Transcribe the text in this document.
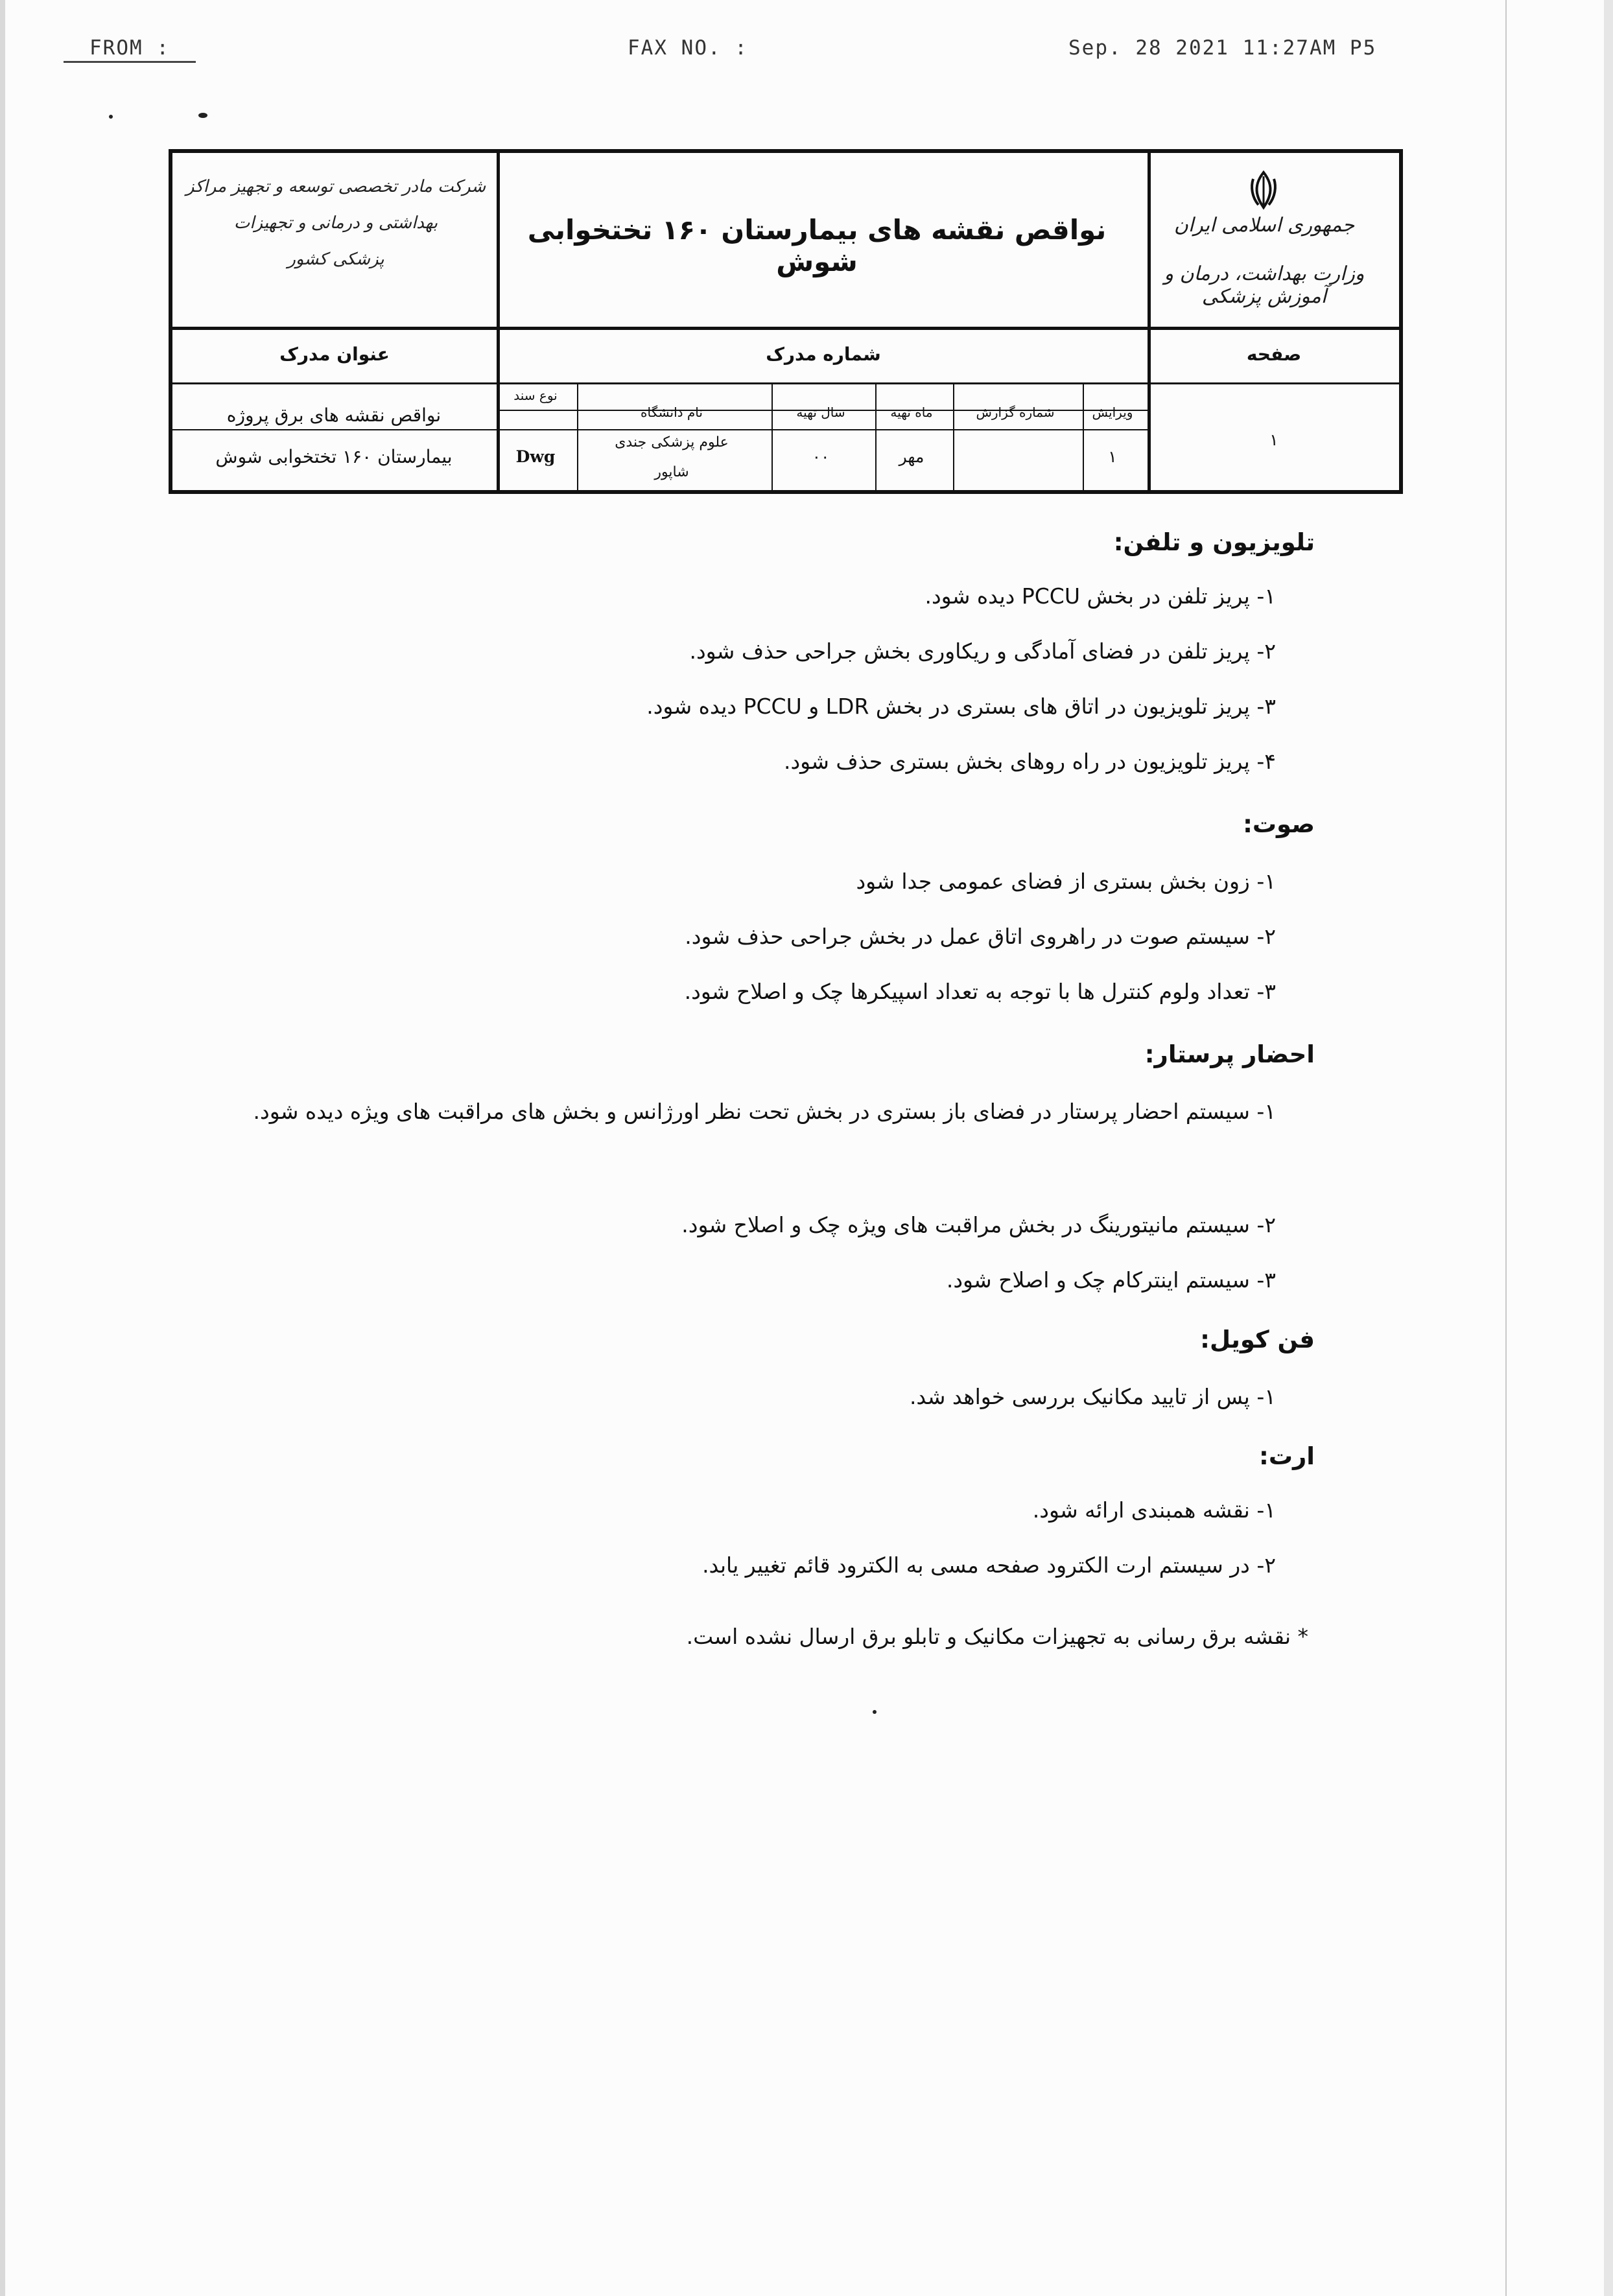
FROM :	FAX NO. :	Sep. 28 2021 11:27AM P5
جمهوری اسلامی ایران
وزارت بهداشت، درمان و آموزش پزشکی
نواقص نقشه های بیمارستان ۱۶۰ تختخوابی شوش
شرکت مادر تخصصی توسعه و تجهیز مراکز بهداشتی و درمانی و تجهیزات
پزشکی کشور
صفحه
شماره مدرک
عنوان مدرک
ویرایش
شماره گزارش
ماه تهیه
سال تهیه
نام دانشگاه
نوع سند
۱
۱
مهر
۰۰
علوم پزشکی جندی
شاپور
Dwg
نواقص نقشه های برق پروژه
بیمارستان ۱۶۰ تختخوابی شوش
تلویزیون و تلفن:
۱- پریز تلفن در بخش PCCU دیده شود.
۲- پریز تلفن در فضای آمادگی و ریکاوری بخش جراحی حذف شود.
۳- پریز تلویزیون در اتاق های بستری در بخش LDR و PCCU دیده شود.
۴- پریز تلویزیون در راه روهای بخش بستری حذف شود.
صوت:
۱- زون بخش بستری از فضای عمومی جدا شود
۲- سیستم صوت در راهروی اتاق عمل در بخش جراحی حذف شود.
۳- تعداد ولوم کنترل ها با توجه به تعداد اسپیکرها چک و اصلاح شود.
احضار پرستار:
۱- سیستم احضار پرستار در فضای باز بستری در بخش تحت نظر اورژانس و بخش های مراقبت های ویژه دیده شود.
۲- سیستم مانیتورینگ در بخش مراقبت های ویژه چک و اصلاح شود.
۳- سیستم اینترکام چک و اصلاح شود.
فن کویل:
۱- پس از تایید مکانیک بررسی خواهد شد.
ارت:
۱- نقشه همبندی ارائه شود.
۲- در سیستم ارت الکترود صفحه مسی به الکترود قائم تغییر یابد.
* نقشه برق رسانی به تجهیزات مکانیک و تابلو برق ارسال نشده است.
